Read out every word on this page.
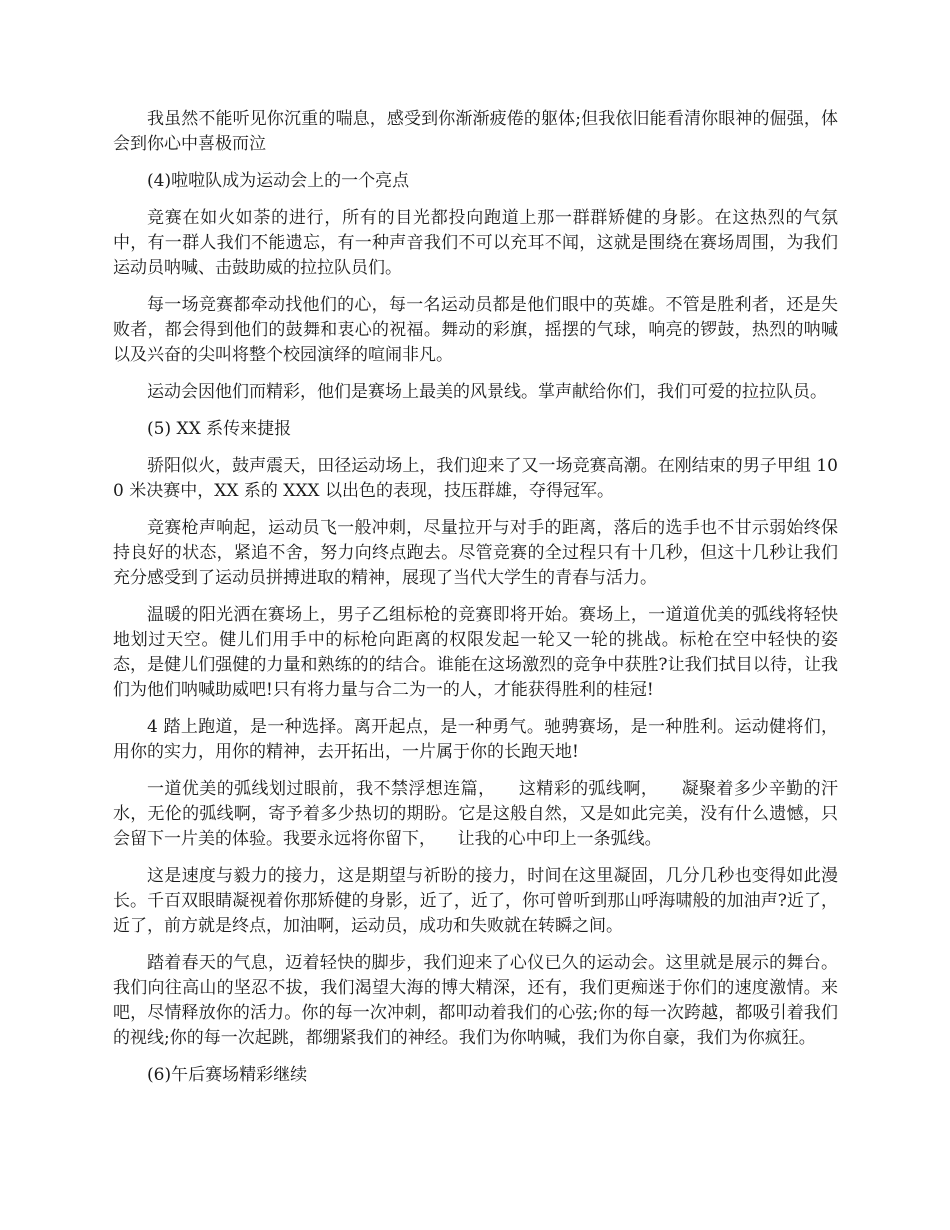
我虽然不能听见你沉重的喘息，感受到你渐渐疲倦的躯体;但我依旧能看清你眼神的倔强，体会到你心中喜极而泣

(4)啦啦队成为运动会上的一个亮点

竞赛在如火如荼的进行，所有的目光都投向跑道上那一群群矫健的身影。在这热烈的气氛中，有一群人我们不能遗忘，有一种声音我们不可以充耳不闻，这就是围绕在赛场周围，为我们运动员呐喊、击鼓助威的拉拉队员们。

每一场竞赛都牵动找他们的心，每一名运动员都是他们眼中的英雄。不管是胜利者，还是失败者，都会得到他们的鼓舞和衷心的祝福。舞动的彩旗，摇摆的气球，响亮的锣鼓，热烈的呐喊以及兴奋的尖叫将整个校园演绎的喧闹非凡。

运动会因他们而精彩，他们是赛场上最美的风景线。掌声献给你们，我们可爱的拉拉队员。

(5) XX 系传来捷报

骄阳似火，鼓声震天，田径运动场上，我们迎来了又一场竞赛高潮。在刚结束的男子甲组 100 米决赛中，XX 系的 XXX 以出色的表现，技压群雄，夺得冠军。

竞赛枪声响起，运动员飞一般冲刺，尽量拉开与对手的距离，落后的选手也不甘示弱始终保持良好的状态，紧追不舍，努力向终点跑去。尽管竞赛的全过程只有十几秒，但这十几秒让我们充分感受到了运动员拼搏进取的精神，展现了当代大学生的青春与活力。

温暖的阳光洒在赛场上，男子乙组标枪的竞赛即将开始。赛场上，一道道优美的弧线将轻快地划过天空。健儿们用手中的标枪向距离的权限发起一轮又一轮的挑战。标枪在空中轻快的姿态，是健儿们强健的力量和熟练的的结合。谁能在这场激烈的竞争中获胜?让我们拭目以待，让我们为他们呐喊助威吧!只有将力量与合二为一的人，才能获得胜利的桂冠!

4 踏上跑道，是一种选择。离开起点，是一种勇气。驰骋赛场，是一种胜利。运动健将们，用你的实力，用你的精神，去开拓出，一片属于你的长跑天地!

一道优美的弧线划过眼前，我不禁浮想连篇，    这精彩的弧线啊，    凝聚着多少辛勤的汗水，无伦的弧线啊，寄予着多少热切的期盼。它是这般自然，又是如此完美，没有什么遗憾，只会留下一片美的体验。我要永远将你留下，    让我的心中印上一条弧线。

这是速度与毅力的接力，这是期望与祈盼的接力，时间在这里凝固，几分几秒也变得如此漫长。千百双眼睛凝视着你那矫健的身影，近了，近了，你可曾听到那山呼海啸般的加油声?近了，近了，前方就是终点，加油啊，运动员，成功和失败就在转瞬之间。

踏着春天的气息，迈着轻快的脚步，我们迎来了心仪已久的运动会。这里就是展示的舞台。我们向往高山的坚忍不拔，我们渴望大海的博大精深，还有，我们更痴迷于你们的速度激情。来吧，尽情释放你的活力。你的每一次冲刺，都叩动着我们的心弦;你的每一次跨越，都吸引着我们的视线;你的每一次起跳，都绷紧我们的神经。我们为你呐喊，我们为你自豪，我们为你疯狂。

(6)午后赛场精彩继续
